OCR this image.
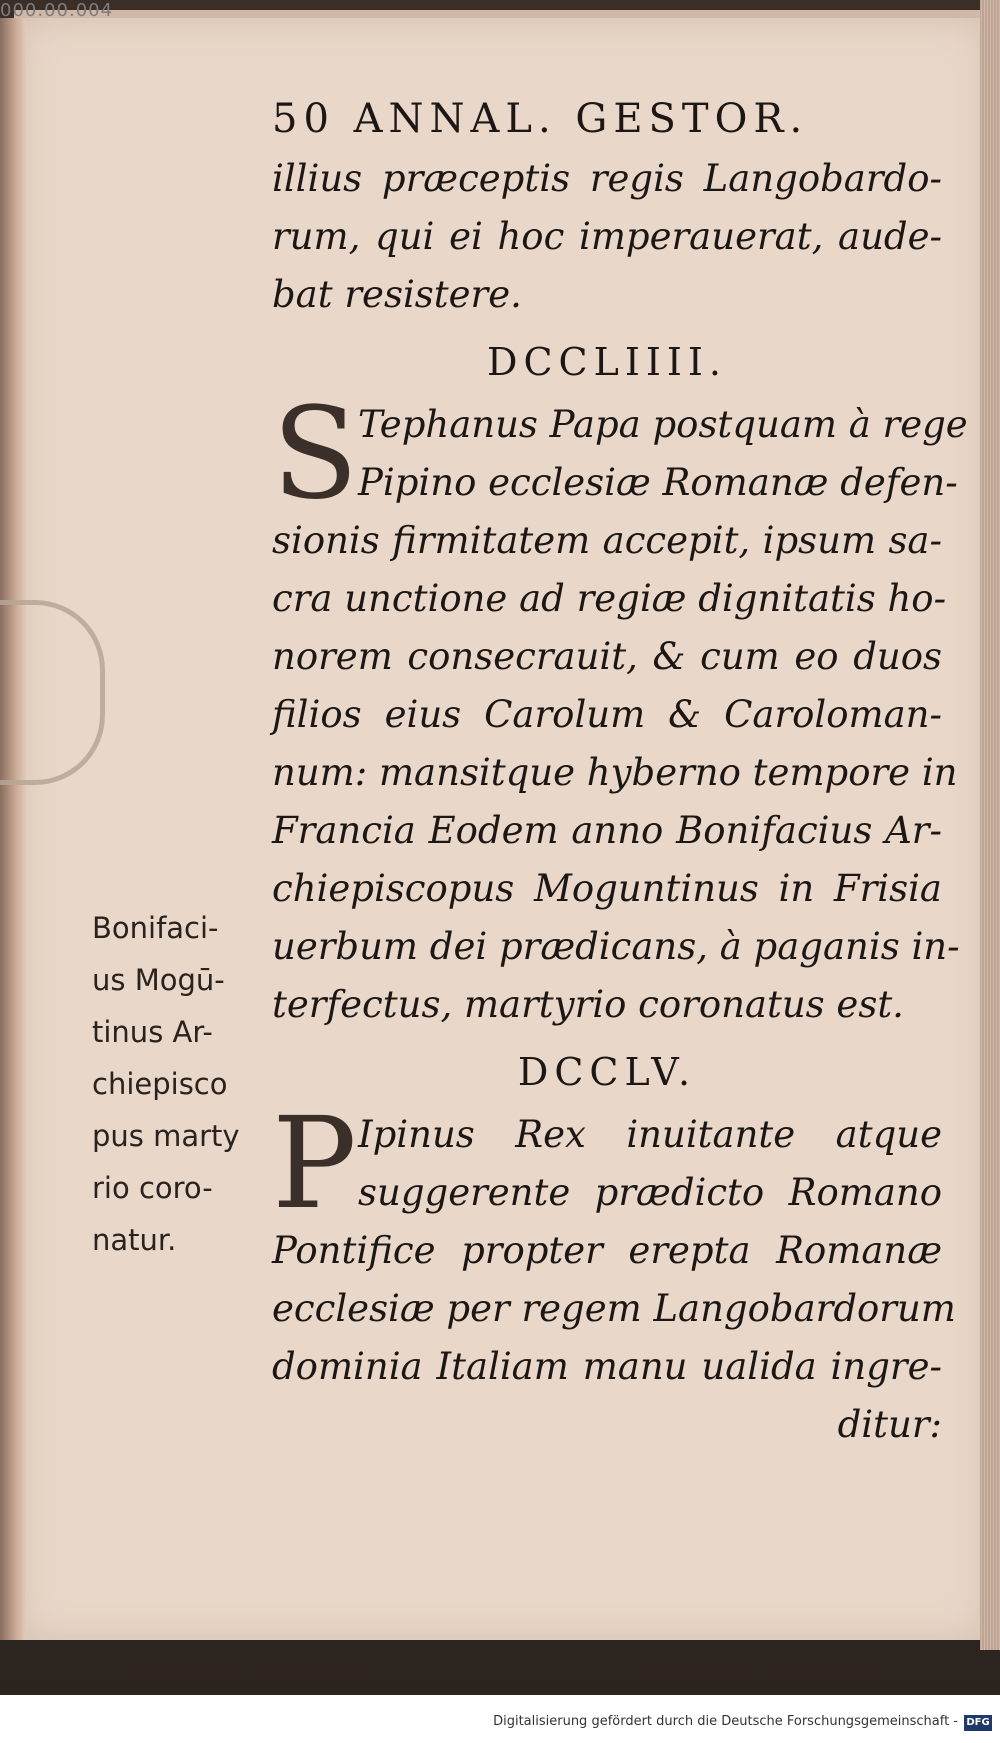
000.00.004
50 ANNAL. GESTOR.
illius præceptis regis Langobardo-
rum, qui ei hoc imperauerat, aude-
bat resistere.
DCCLIIII.
S Tephanus Papa postquam à rege
Pipino ecclesiæ Romanæ defen-
sionis firmitatem accepit, ipsum sa-
cra unctione ad regiæ dignitatis ho-
norem consecrauit, & cum eo duos
filios eius Carolum & Caroloman-
num: mansitque hyberno tempore in
Francia Eodem anno Bonifacius Ar-
chiepiscopus Moguntinus in Frisia
uerbum dei prædicans, à paganis in-
terfectus, martyrio coronatus est.
DCCLV.
P Ipinus Rex inuitante atque
suggerente prædicto Romano
Pontifice propter erepta Romanæ
ecclesiæ per regem Langobardorum
dominia Italiam manu ualida ingre-
ditur:
Bonifaci-
us Mogū-
tinus Ar-
chiepisco
pus marty
rio coro-
natur.
Digitalisierung gefördert durch die Deutsche Forschungsgemeinschaft - DFG
